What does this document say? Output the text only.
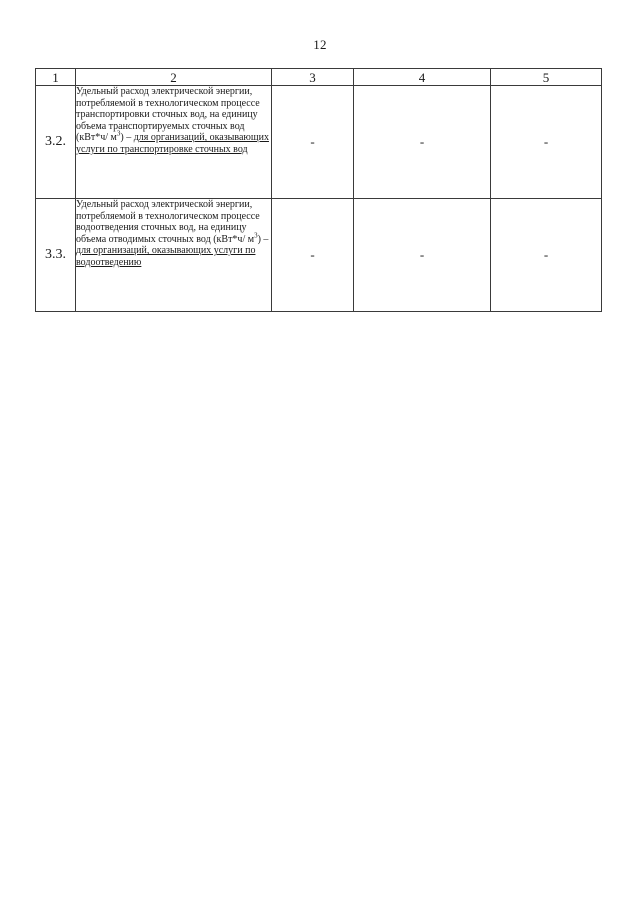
12
1	2	3	4	5
3.2.	Удельный расход электрической энергии, потребляемой в технологическом процессе транспортировки сточных вод, на единицу объема транспортируемых сточных вод (кВт*ч/ $м^3$) – для организаций, оказывающих услуги по транспортировке сточных вод	-	-	-
3.3.	Удельный расход электрической энергии, потребляемой в технологическом процессе водоотведения сточных вод, на единицу объема отводимых сточных вод (кВт*ч/ $м^3$) – для организаций, оказывающих услуги по водоотведению	-	-	-
